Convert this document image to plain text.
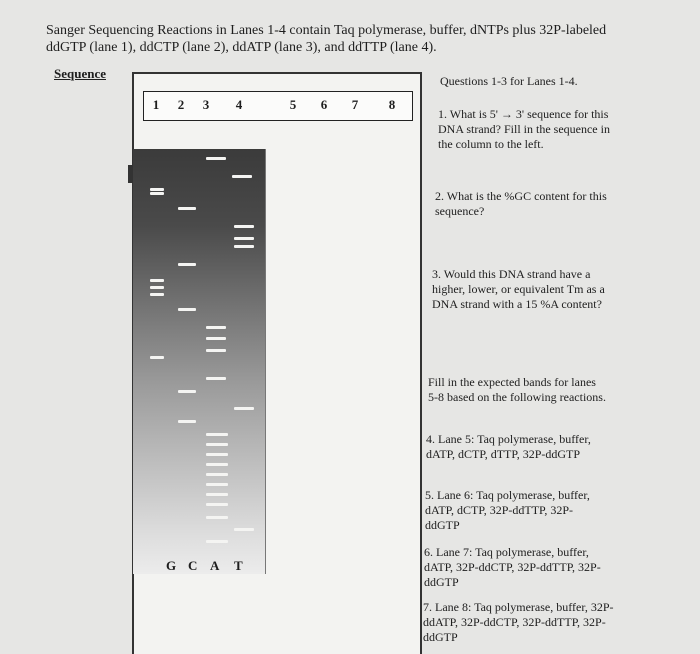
Sanger Sequencing Reactions in Lanes 1-4 contain Taq polymerase, buffer, dNTPs plus 32P-labeled ddGTP (lane 1), ddCTP (lane 2), ddATP (lane 3), and ddTTP (lane 4).
Sequence
1	2	3	4	5	6	7	8
G C A T
Questions 1-3 for Lanes 1-4.
1. What is 5' → 3' sequence for this DNA strand? Fill in the sequence in the column to the left.
2. What is the %GC content for this sequence?
3. Would this DNA strand have a higher, lower, or equivalent Tm as a DNA strand with a 15 %A content?
Fill in the expected bands for lanes 5-8 based on the following reactions.
4. Lane 5: Taq polymerase, buffer, dATP, dCTP, dTTP, 32P-ddGTP
5. Lane 6: Taq polymerase, buffer, dATP, dCTP, 32P-ddTTP, 32P-ddGTP
6. Lane 7: Taq polymerase, buffer, dATP, 32P-ddCTP, 32P-ddTTP, 32P-ddGTP
7. Lane 8: Taq polymerase, buffer, 32P-ddATP, 32P-ddCTP, 32P-ddTTP, 32P-ddGTP
